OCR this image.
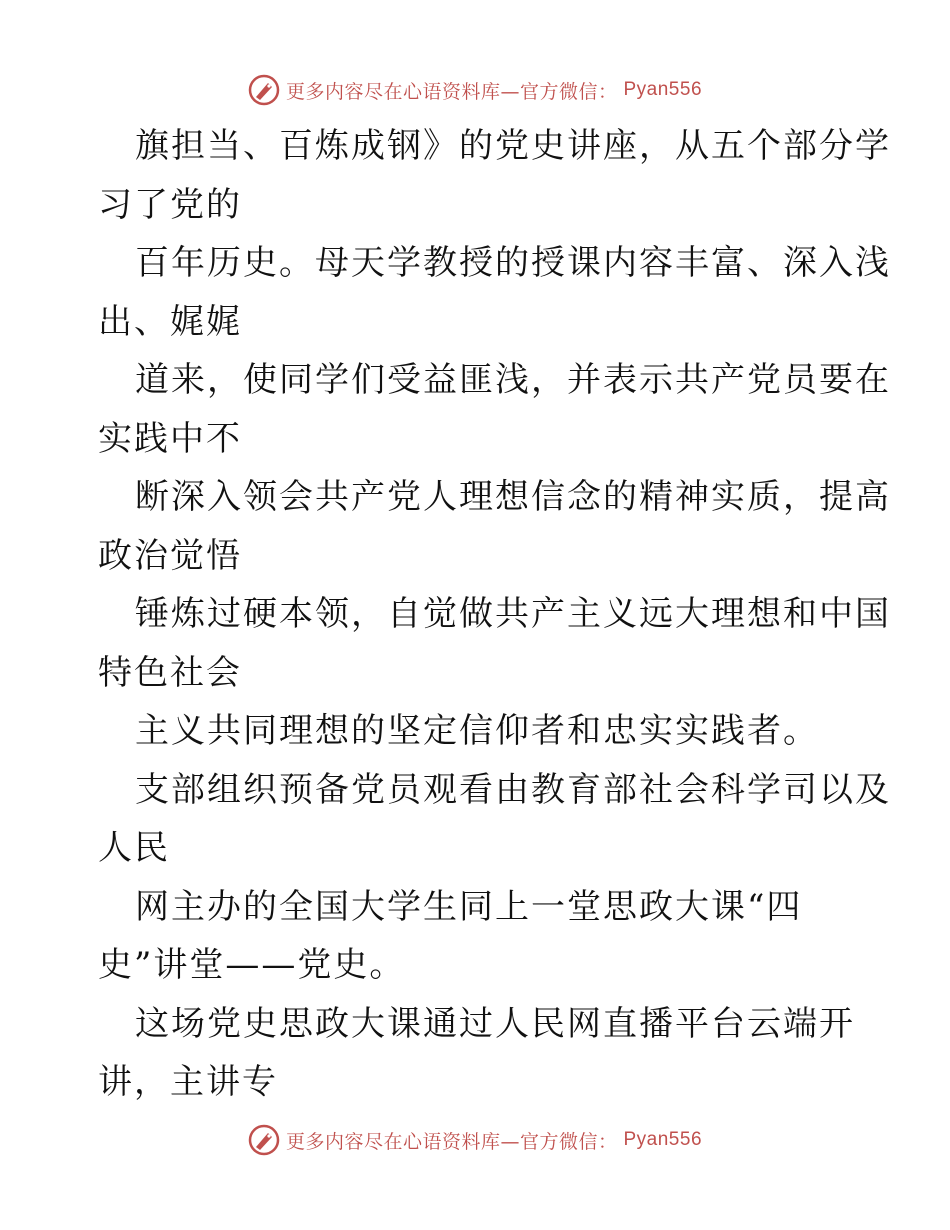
更多内容尽在心语资料库—官方微信： Pyan556

旗担当、百炼成钢》的党史讲座，从五个部分学

习了党的

百年历史。母天学教授的授课内容丰富、深入浅

出、娓娓

道来，使同学们受益匪浅，并表示共产党员要在

实践中不

断深入领会共产党人理想信念的精神实质，提高

政治觉悟

锤炼过硬本领，自觉做共产主义远大理想和中国

特色社会

主义共同理想的坚定信仰者和忠实实践者。

支部组织预备党员观看由教育部社会科学司以及

人民

网主办的全国大学生同上一堂思政大课“四

史”讲堂——党史。

这场党史思政大课通过人民网直播平台云端开

讲，主讲专

更多内容尽在心语资料库—官方微信： Pyan556
